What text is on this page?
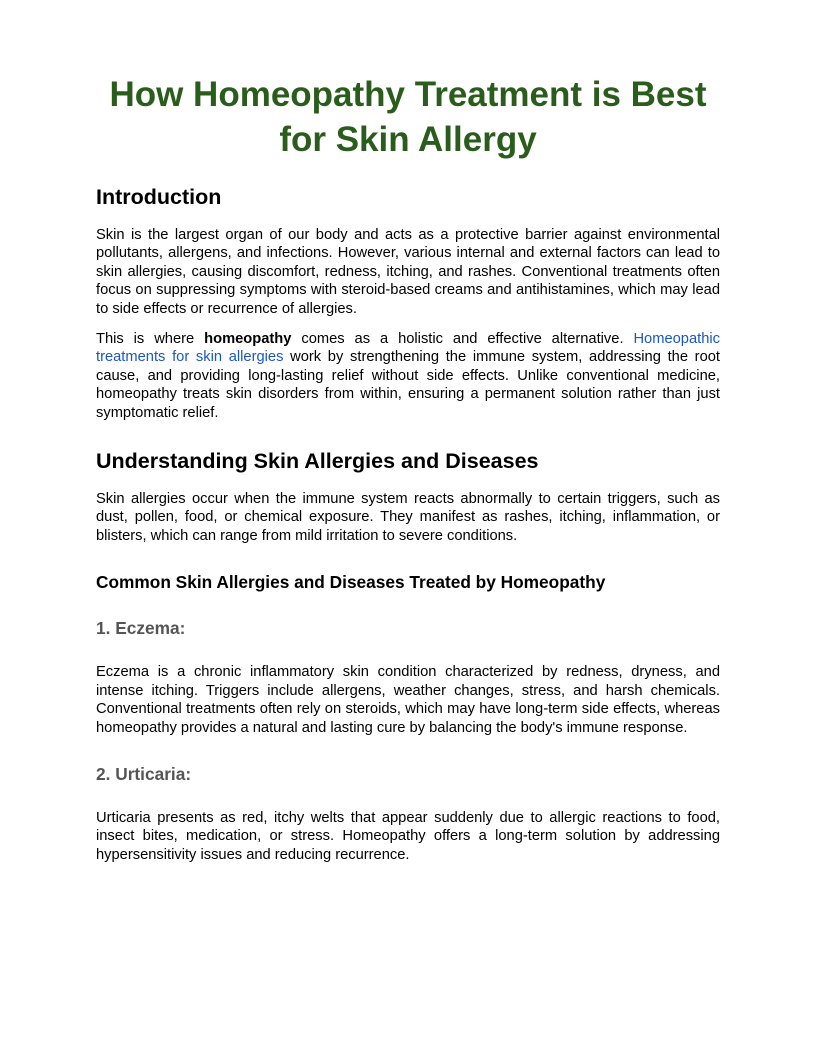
How Homeopathy Treatment is Best
for Skin Allergy
Introduction

Skin is the largest organ of our body and acts as a protective barrier against environmental pollutants, allergens, and infections. However, various internal and external factors can lead to skin allergies, causing discomfort, redness, itching, and rashes. Conventional treatments often focus on suppressing symptoms with steroid-based creams and antihistamines, which may lead to side effects or recurrence of allergies.

This is where homeopathy comes as a holistic and effective alternative. Homeopathic treatments for skin allergies work by strengthening the immune system, addressing the root cause, and providing long-lasting relief without side effects. Unlike conventional medicine, homeopathy treats skin disorders from within, ensuring a permanent solution rather than just symptomatic relief.

Understanding Skin Allergies and Diseases

Skin allergies occur when the immune system reacts abnormally to certain triggers, such as dust, pollen, food, or chemical exposure. They manifest as rashes, itching, inflammation, or blisters, which can range from mild irritation to severe conditions.

Common Skin Allergies and Diseases Treated by Homeopathy
1. Eczema:

Eczema is a chronic inflammatory skin condition characterized by redness, dryness, and intense itching. Triggers include allergens, weather changes, stress, and harsh chemicals. Conventional treatments often rely on steroids, which may have long-term side effects, whereas homeopathy provides a natural and lasting cure by balancing the body's immune response.

2. Urticaria:

Urticaria presents as red, itchy welts that appear suddenly due to allergic reactions to food, insect bites, medication, or stress. Homeopathy offers a long-term solution by addressing hypersensitivity issues and reducing recurrence.
